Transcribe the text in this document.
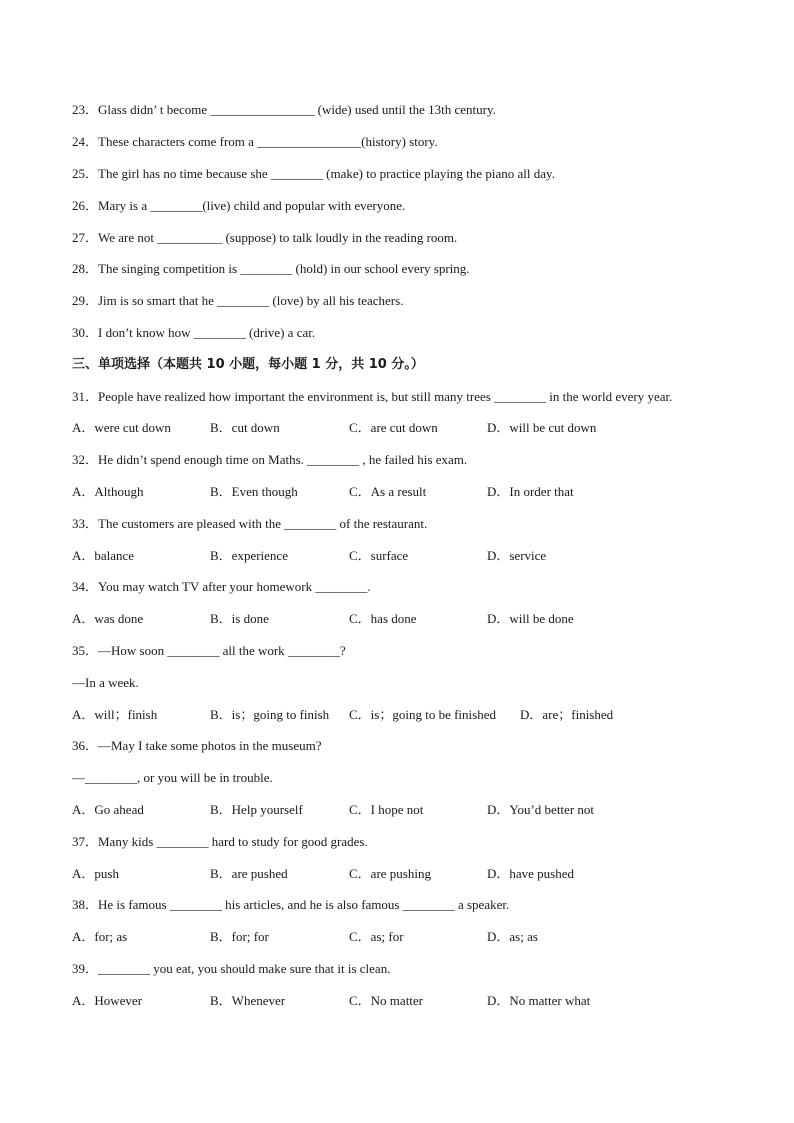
23．Glass didn’ t become ________________ (wide) used until the 13th century.
24．These characters come from a ________________(history) story.
25．The girl has no time because she ________ (make) to practice playing the piano all day.
26．Mary is a ________(live) child and popular with everyone.
27．We are not __________ (suppose) to talk loudly in the reading room.
28．The singing competition is ________ (hold) in our school every spring.
29．Jim is so smart that he ________ (love) by all his teachers.
30．I don’t know how ________ (drive) a car.
三、单项选择（本题共 10 小题，每小题 1 分，共 10 分。）
31．People have realized how important the environment is, but still many trees ________ in the world every year.
A．were cut down	B．cut down	C．are cut down	D．will be cut down
32．He didn’t spend enough time on Maths. ________ , he failed his exam.
A．Although	B．Even though	C．As a result	D．In order that
33．The customers are pleased with the ________ of the restaurant.
A．balance	B．experience	C．surface	D．service
34．You may watch TV after your homework ________.
A．was done	B．is done	C．has done	D．will be done
35．—How soon ________ all the work ________?
—In a week.
A．will；finish	B．is；going to finish C．is；going to be finished D．are；finished
36．—May I take some photos in the museum?
—________, or you will be in trouble.
A．Go ahead	B．Help yourself	C．I hope not	D．You’d better not
37．Many kids ________ hard to study for good grades.
A．push	B．are pushed	C．are pushing	D．have pushed
38．He is famous ________ his articles, and he is also famous ________ a speaker.
A．for; as	B．for; for	C．as; for	D．as; as
39．________ you eat, you should make sure that it is clean.
A．However	B．Whenever	C．No matter	D．No matter what
